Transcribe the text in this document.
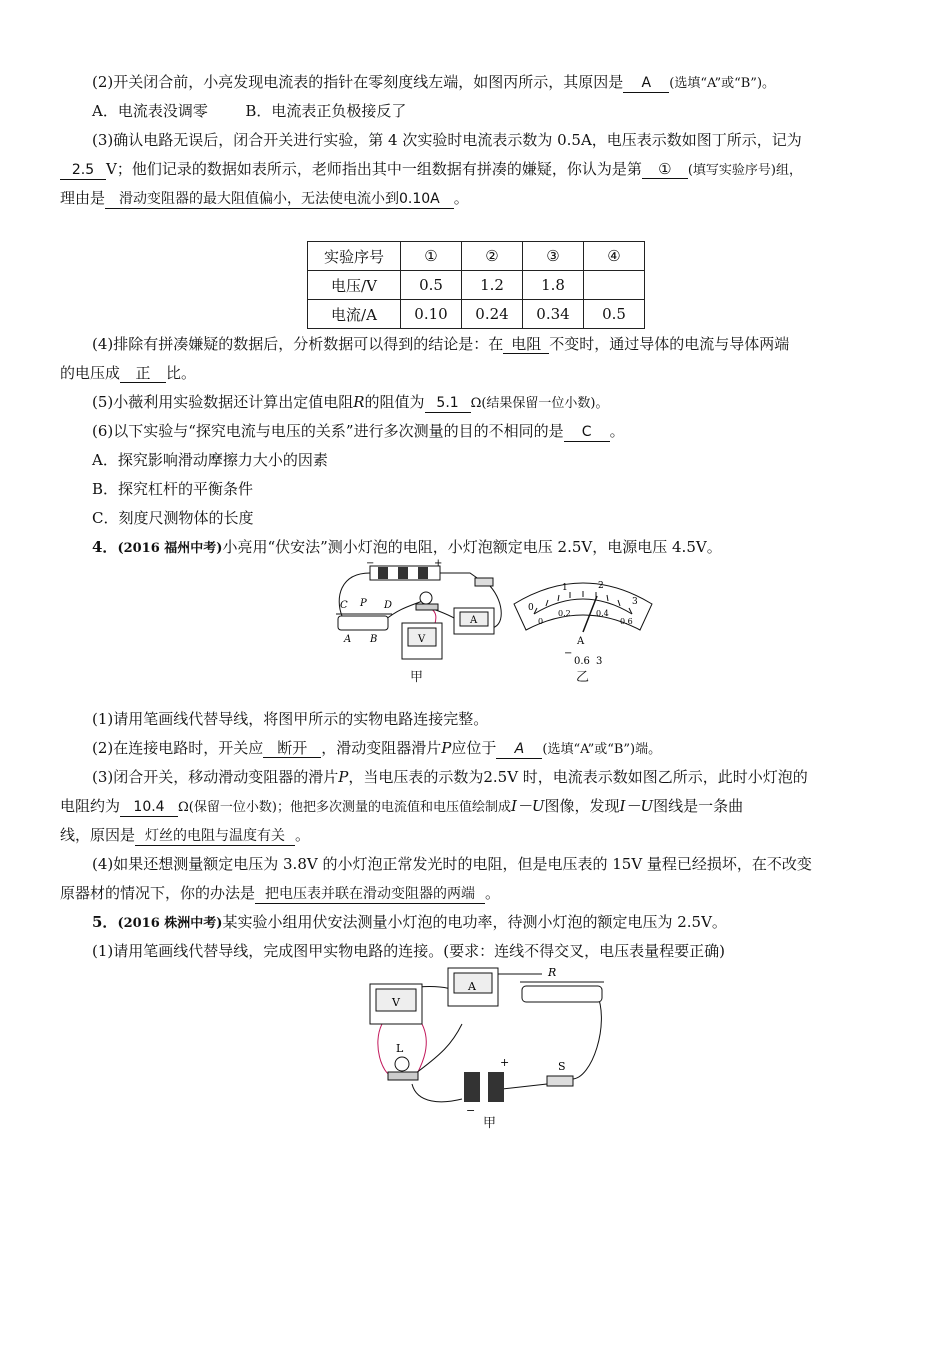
(2)开关闭合前，小亮发现电流表的指针在零刻度线左端，如图丙所示，其原因是 A (选填“A”或“B”)。
A．电流表没调零	B．电流表正负极接反了
(3)确认电路无误后，闭合开关进行实验，第 4 次实验时电流表示数为 0.5A，电压表示数如图丁所示，记为
2.5 V；他们记录的数据如表所示，老师指出其中一组数据有拼凑的嫌疑，你认为是第 ① (填写实验序号)组，
理由是 滑动变阻器的最大阻值偏小，无法使电流小到0.10A 。
实验序号	①	②	③	④
电压/V	0.5	1.2	1.8	
电流/A	0.10	0.24	0.34	0.5
(4)排除有拼凑嫌疑的数据后，分析数据可以得到的结论是：在 电阻 不变时，通过导体的电流与导体两端
的电压成 正 比。
(5)小薇利用实验数据还计算出定值电阻R的阻值为 5.1 Ω(结果保留一位小数)。
(6)以下实验与“探究电流与电压的关系”进行多次测量的目的不相同的是 C 。
A．探究影响滑动摩擦力大小的因素
B．探究杠杆的平衡条件
C．刻度尺测物体的长度
4．(2016 福州中考)小亮用“伏安法”测小灯泡的电阻，小灯泡额定电压 2.5V，电源电压 4.5V。
−	+
C P D
A B	V
A
甲
0
1	2
3
0
0.2	0.4
0.6
A
−
0.6 3
乙
(1)请用笔画线代替导线，将图甲所示的实物电路连接完整。
(2)在连接电路时，开关应 断开 ，滑动变阻器滑片P应位于 A (选填“A”或“B”)端。
(3)闭合开关，移动滑动变阻器的滑片P，当电压表的示数为2.5V 时，电流表示数如图乙所示，此时小灯泡的
电阻约为 10.4 Ω(保留一位小数)；他把多次测量的电流值和电压值绘制成I－U图像，发现I－U图线是一条曲
线，原因是 灯丝的电阻与温度有关 。
(4)如果还想测量额定电压为 3.8V 的小灯泡正常发光时的电阻，但是电压表的 15V 量程已经损坏，在不改变
原器材的情况下，你的办法是 把电压表并联在滑动变阻器的两端 。
5．(2016 株洲中考)某实验小组用伏安法测量小灯泡的电功率，待测小灯泡的额定电压为 2.5V。
(1)请用笔画线代替导线，完成图甲实物电路的连接。(要求：连线不得交叉，电压表量程要正确)
V
A
R
L
+
−
S
甲
